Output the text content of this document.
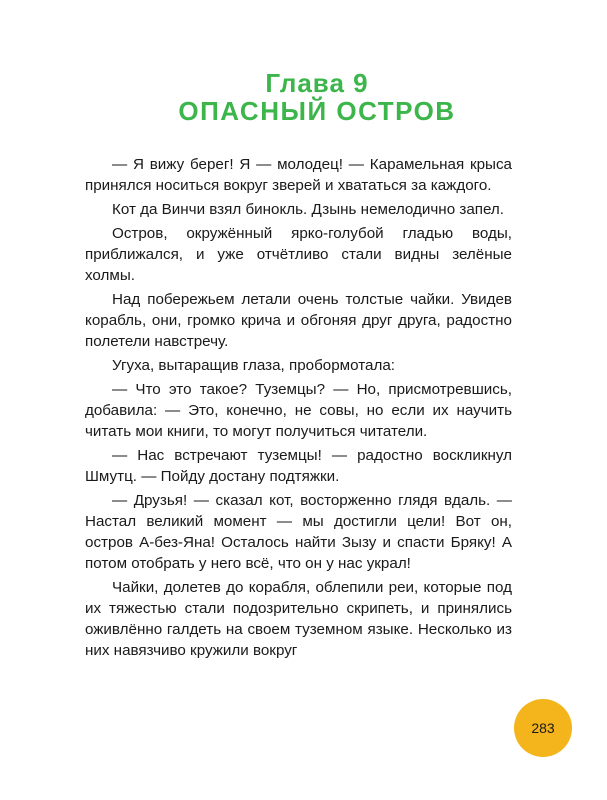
Глава 9
ОПАСНЫЙ ОСТРОВ

— Я вижу берег! Я — молодец! — Карамельная крыса принялся носиться вокруг зверей и хвататься за каждого.

Кот да Винчи взял бинокль. Дзынь немелодично запел.

Остров, окружённый ярко-голубой гладью воды, приближался, и уже отчётливо стали видны зелёные холмы.

Над побережьем летали очень толстые чайки. Увидев корабль, они, громко крича и обгоняя друг друга, радостно полетели навстречу.

Угуха, вытаращив глаза, пробормотала:

— Что это такое? Туземцы? — Но, присмотревшись, добавила: — Это, конечно, не совы, но если их научить читать мои книги, то могут получиться читатели.

— Нас встречают туземцы! — радостно воскликнул Шмутц. — Пойду достану подтяжки.

— Друзья! — сказал кот, восторженно глядя вдаль. — Настал великий момент — мы достигли цели! Вот он, остров А-без-Яна! Осталось найти Зызу и спасти Бряку! А потом отобрать у него всё, что он у нас украл!

Чайки, долетев до корабля, облепили реи, которые под их тяжестью стали подозрительно скрипеть, и принялись оживлённо галдеть на своем туземном языке. Несколько из них навязчиво кружили вокруг

283
